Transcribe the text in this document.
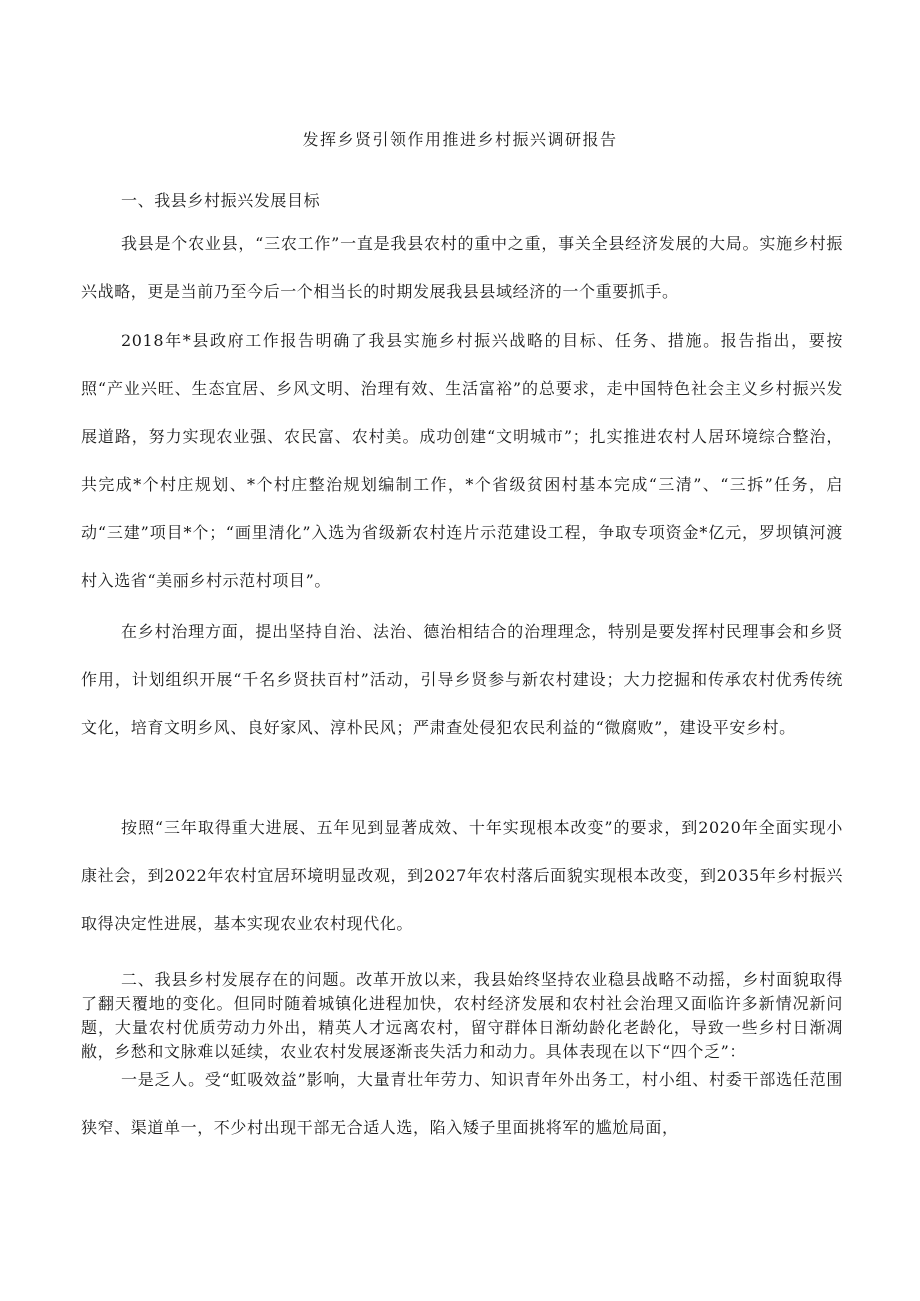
发挥乡贤引领作用推进乡村振兴调研报告

一、我县乡村振兴发展目标

我县是个农业县，“三农工作”一直是我县农村的重中之重，事关全县经济发展的大局。实施乡村振兴战略，更是当前乃至今后一个相当长的时期发展我县县域经济的一个重要抓手。

2018年*县政府工作报告明确了我县实施乡村振兴战略的目标、任务、措施。报告指出，要按照“产业兴旺、生态宜居、乡风文明、治理有效、生活富裕”的总要求，走中国特色社会主义乡村振兴发展道路，努力实现农业强、农民富、农村美。成功创建“文明城市”；扎实推进农村人居环境综合整治，共完成*个村庄规划、*个村庄整治规划编制工作，*个省级贫困村基本完成“三清”、“三拆”任务，启动“三建”项目*个；“画里清化”入选为省级新农村连片示范建设工程，争取专项资金*亿元，罗坝镇河渡村入选省“美丽乡村示范村项目”。

在乡村治理方面，提出坚持自治、法治、德治相结合的治理理念，特别是要发挥村民理事会和乡贤作用，计划组织开展“千名乡贤扶百村”活动，引导乡贤参与新农村建设；大力挖掘和传承农村优秀传统文化，培育文明乡风、良好家风、淳朴民风；严肃查处侵犯农民利益的“微腐败”，建设平安乡村。

按照“三年取得重大进展、五年见到显著成效、十年实现根本改变”的要求，到2020年全面实现小康社会，到2022年农村宜居环境明显改观，到2027年农村落后面貌实现根本改变，到2035年乡村振兴取得决定性进展，基本实现农业农村现代化。

二、我县乡村发展存在的问题。改革开放以来，我县始终坚持农业稳县战略不动摇，乡村面貌取得了翻天覆地的变化。但同时随着城镇化进程加快，农村经济发展和农村社会治理又面临许多新情况新问题，大量农村优质劳动力外出，精英人才远离农村，留守群体日渐幼龄化老龄化，导致一些乡村日渐凋敝，乡愁和文脉难以延续，农业农村发展逐渐丧失活力和动力。具体表现在以下“四个乏”：

一是乏人。受“虹吸效益”影响，大量青壮年劳力、知识青年外出务工，村小组、村委干部选任范围狭窄、渠道单一，不少村出现干部无合适人选，陷入矮子里面挑将军的尴尬局面，
